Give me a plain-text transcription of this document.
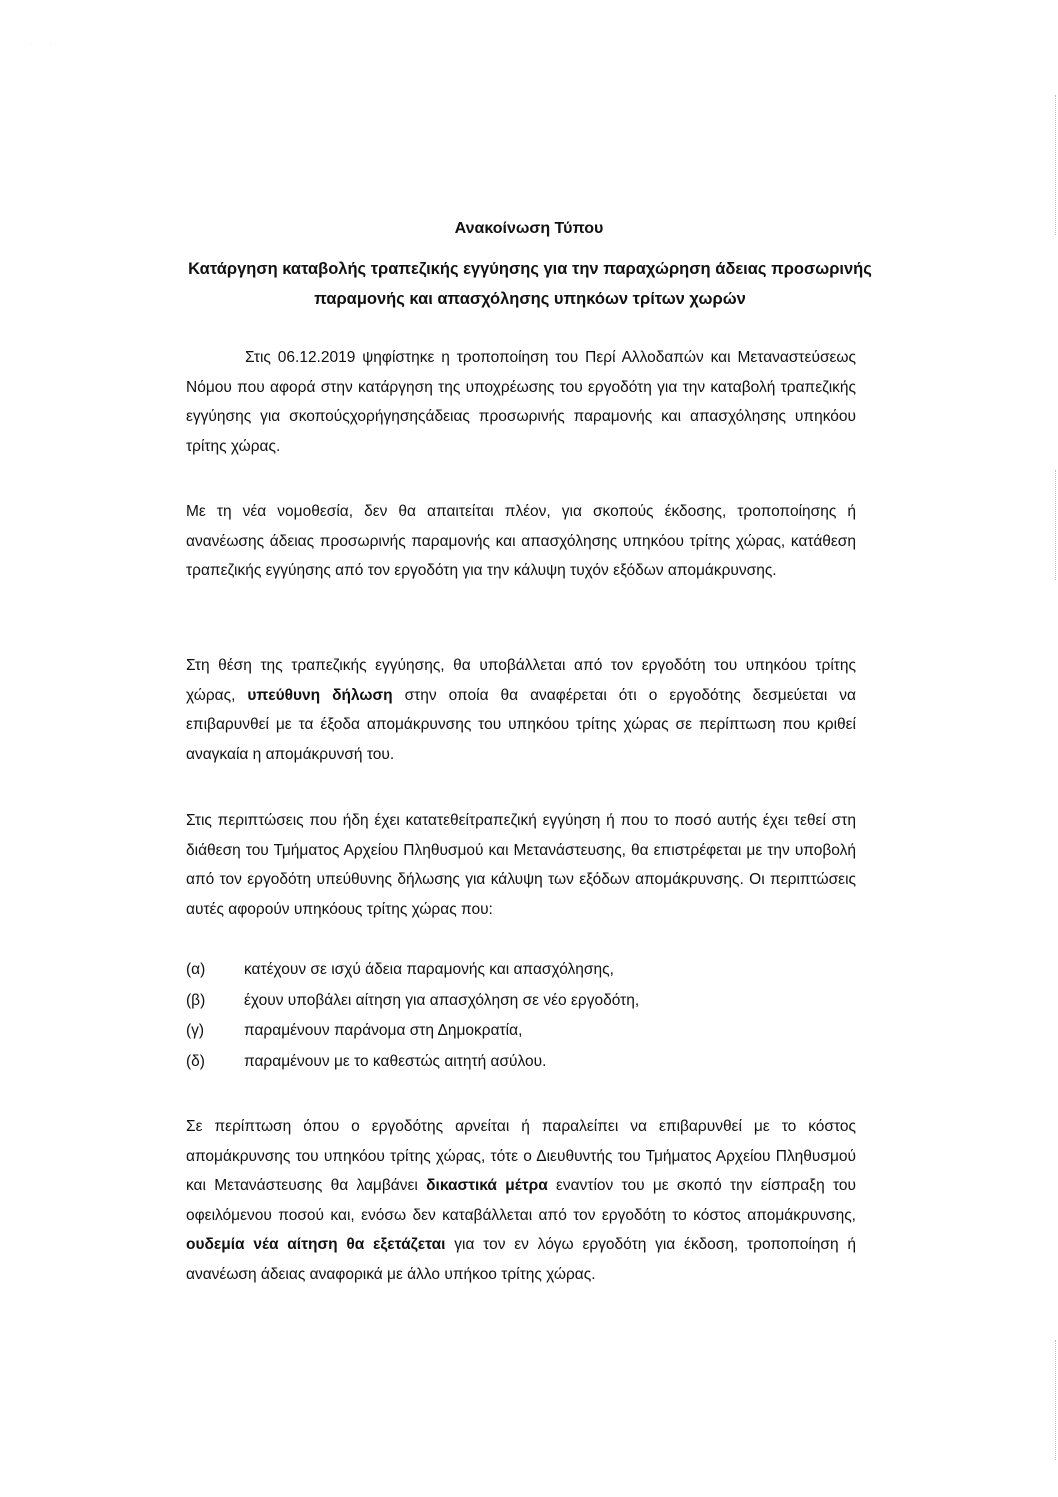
· ·
Ανακοίνωση Τύπου
Κατάργηση καταβολής τραπεζικής εγγύησης για την παραχώρηση άδειας προσωρινής παραμονής και απασχόλησης υπηκόων τρίτων χωρών

Στις 06.12.2019 ψηφίστηκε η τροποποίηση του Περί Αλλοδαπών και Μεταναστεύσεως Νόμου που αφορά στην κατάργηση της υποχρέωσης του εργοδότη για την καταβολή τραπεζικής εγγύησης για σκοπούςχορήγησηςάδειας προσωρινής παραμονής και απασχόλησης υπηκόου τρίτης χώρας.

Με τη νέα νομοθεσία, δεν θα απαιτείται πλέον, για σκοπούς έκδοσης, τροποποίησης ή ανανέωσης άδειας προσωρινής παραμονής και απασχόλησης υπηκόου τρίτης χώρας, κατάθεση τραπεζικής εγγύησης από τον εργοδότη για την κάλυψη τυχόν εξόδων απομάκρυνσης.

Στη θέση της τραπεζικής εγγύησης, θα υποβάλλεται από τον εργοδότη του υπηκόου τρίτης χώρας, υπεύθυνη δήλωση στην οποία θα αναφέρεται ότι ο εργοδότης δεσμεύεται να επιβαρυνθεί με τα έξοδα απομάκρυνσης του υπηκόου τρίτης χώρας σε περίπτωση που κριθεί αναγκαία η απομάκρυνσή του.

Στις περιπτώσεις που ήδη έχει κατατεθείτραπεζική εγγύηση ή που το ποσό αυτής έχει τεθεί στη διάθεση του Τμήματος Αρχείου Πληθυσμού και Μετανάστευσης, θα επιστρέφεται με την υποβολή από τον εργοδότη υπεύθυνης δήλωσης για κάλυψη των εξόδων απομάκρυνσης. Οι περιπτώσεις αυτές αφορούν υπηκόους τρίτης χώρας που:

(α)	κατέχουν σε ισχύ άδεια παραμονής και απασχόλησης,
(β)	έχουν υποβάλει αίτηση για απασχόληση σε νέο εργοδότη,
(γ)	παραμένουν παράνομα στη Δημοκρατία,
(δ)	παραμένουν με το καθεστώς αιτητή ασύλου.

Σε περίπτωση όπου ο εργοδότης αρνείται ή παραλείπει να επιβαρυνθεί με το κόστος απομάκρυνσης του υπηκόου τρίτης χώρας, τότε ο Διευθυντής του Τμήματος Αρχείου Πληθυσμού και Μετανάστευσης θα λαμβάνει δικαστικά μέτρα εναντίον του με σκοπό την είσπραξη του οφειλόμενου ποσού και, ενόσω δεν καταβάλλεται από τον εργοδότη το κόστος απομάκρυνσης, ουδεμία νέα αίτηση θα εξετάζεται για τον εν λόγω εργοδότη για έκδοση, τροποποίηση ή ανανέωση άδειας αναφορικά με άλλο υπήκοο τρίτης χώρας.
